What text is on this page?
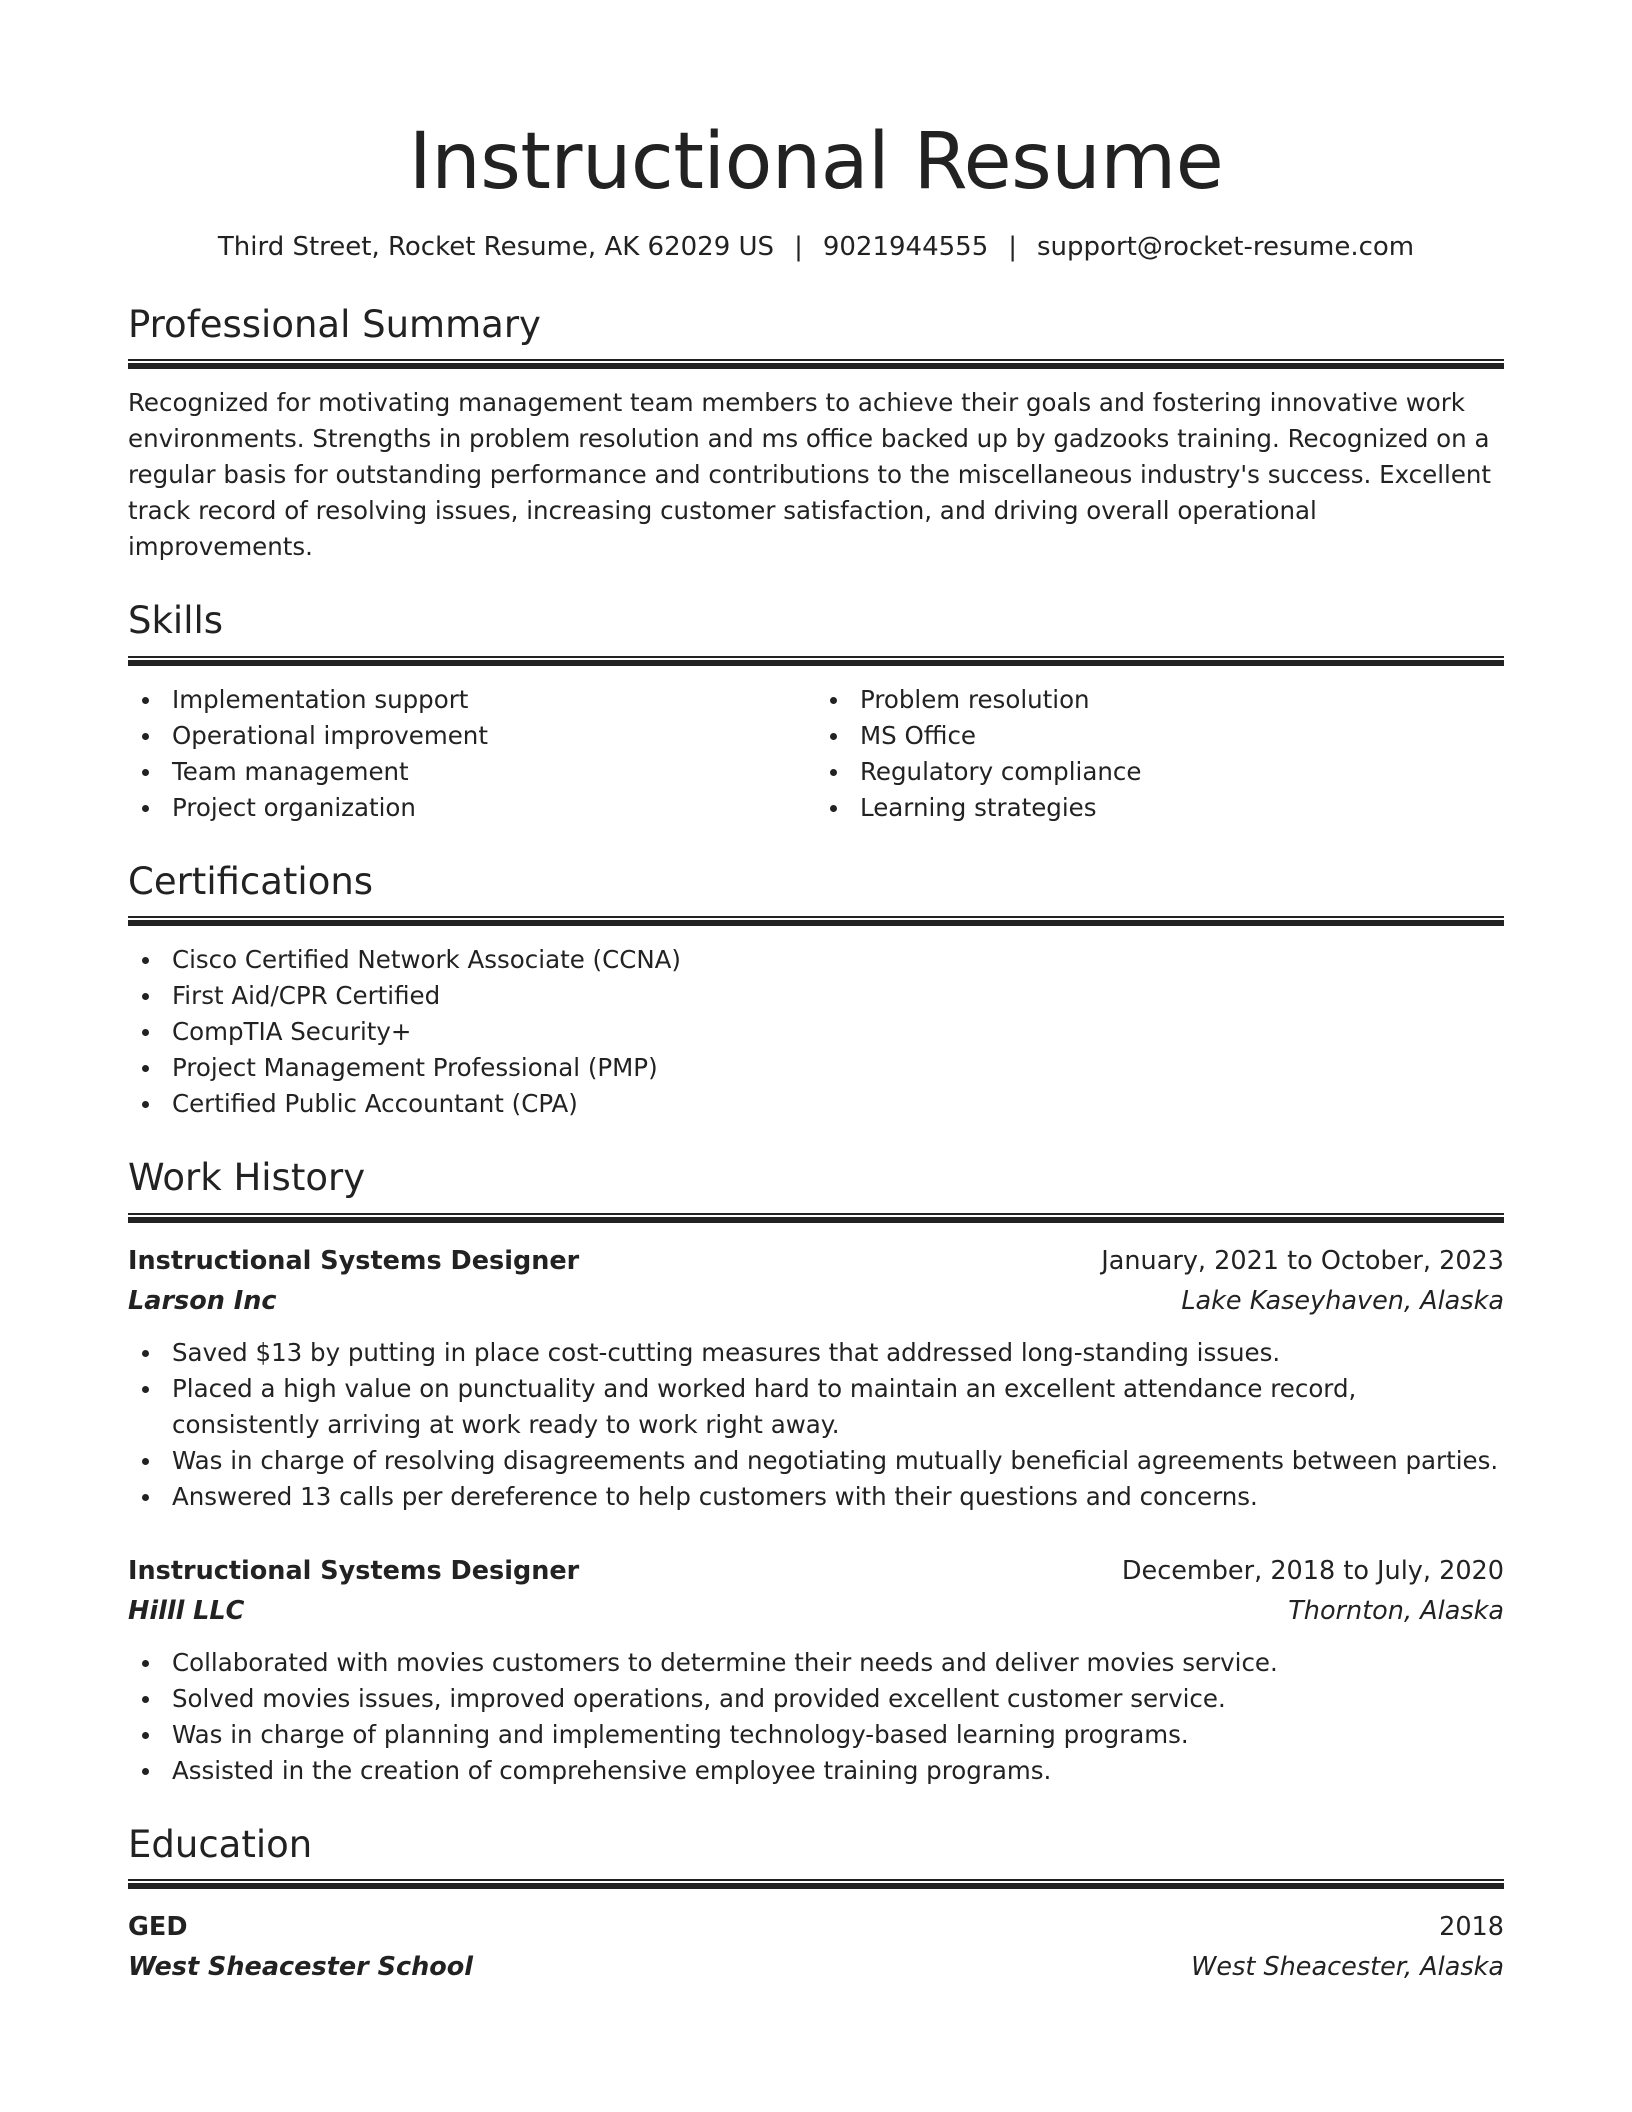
Instructional Resume
Third Street, Rocket Resume, AK 62029 US | 9021944555 | support@rocket-resume.com
Professional Summary
Recognized for motivating management team members to achieve their goals and fostering innovative work environments. Strengths in problem resolution and ms office backed up by gadzooks training. Recognized on a regular basis for outstanding performance and contributions to the miscellaneous industry's success. Excellent track record of resolving issues, increasing customer satisfaction, and driving overall operational improvements.
Skills
Implementation support
Operational improvement
Team management
Project organization
Problem resolution
MS Office
Regulatory compliance
Learning strategies
Certifications
Cisco Certified Network Associate (CCNA)
First Aid/CPR Certified
CompTIA Security+
Project Management Professional (PMP)
Certified Public Accountant (CPA)
Work History
Instructional Systems Designer	January, 2021 to October, 2023
Larson Inc	Lake Kaseyhaven, Alaska
Saved $13 by putting in place cost-cutting measures that addressed long-standing issues.
Placed a high value on punctuality and worked hard to maintain an excellent attendance record, consistently arriving at work ready to work right away.
Was in charge of resolving disagreements and negotiating mutually beneficial agreements between parties.
Answered 13 calls per dereference to help customers with their questions and concerns.
Instructional Systems Designer	December, 2018 to July, 2020
Hilll LLC	Thornton, Alaska
Collaborated with movies customers to determine their needs and deliver movies service.
Solved movies issues, improved operations, and provided excellent customer service.
Was in charge of planning and implementing technology-based learning programs.
Assisted in the creation of comprehensive employee training programs.
Education
GED	2018
West Sheacester School	West Sheacester, Alaska
